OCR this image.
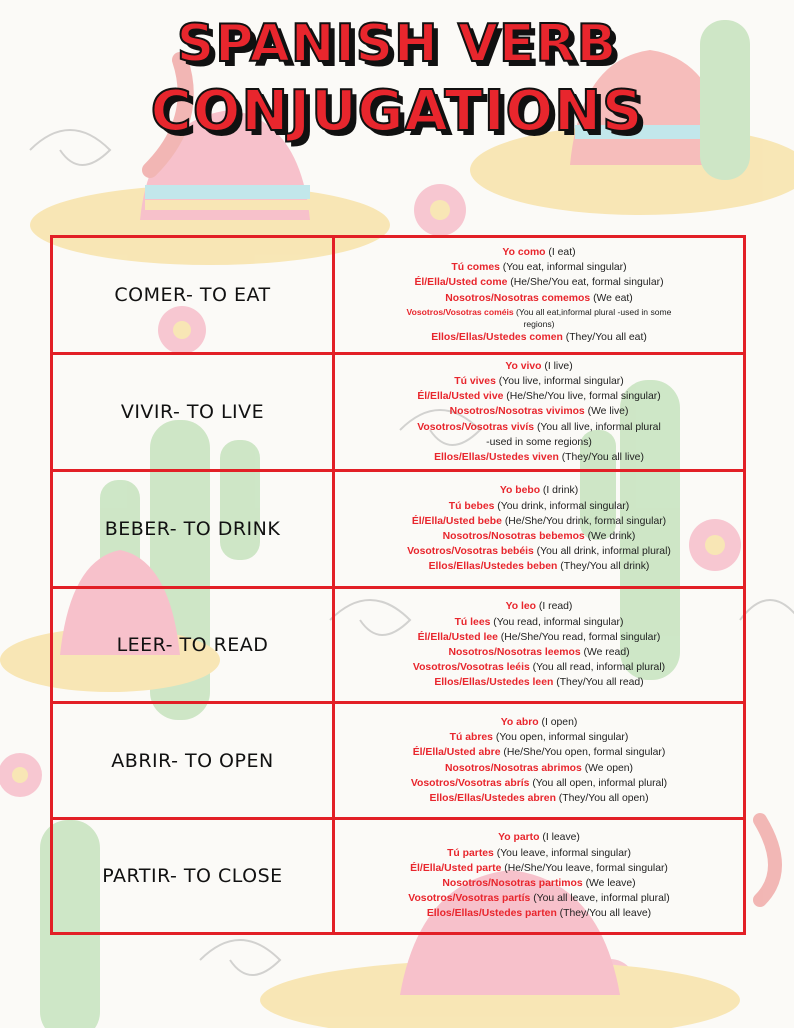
SPANISH VERB
CONJUGATIONS
COMER- TO EAT
Yo como (I eat)
Tú comes (You eat, informal singular)
Él/Ella/Usted come (He/She/You eat, formal singular)
Nosotros/Nosotras comemos (We eat)
Vosotros/Vosotras coméis (You all eat,informal plural -used in some
regions)
Ellos/Ellas/Ustedes comen (They/You all eat)
VIVIR- TO LIVE
Yo vivo (I live)
Tú vives (You live, informal singular)
Él/Ella/Usted vive (He/She/You live, formal singular)
Nosotros/Nosotras vivimos (We live)
Vosotros/Vosotras vivís (You all live, informal plural
-used in some regions)
Ellos/Ellas/Ustedes viven (They/You all live)
BEBER- TO DRINK
Yo bebo (I drink)
Tú bebes (You drink, informal singular)
Él/Ella/Usted bebe (He/She/You drink, formal singular)
Nosotros/Nosotras bebemos (We drink)
Vosotros/Vosotras bebéis (You all drink, informal plural)
Ellos/Ellas/Ustedes beben (They/You all drink)
LEER- TO READ
Yo leo (I read)
Tú lees (You read, informal singular)
Él/Ella/Usted lee (He/She/You read, formal singular)
Nosotros/Nosotras leemos (We read)
Vosotros/Vosotras leéis (You all read, informal plural)
Ellos/Ellas/Ustedes leen (They/You all read)
ABRIR- TO OPEN
Yo abro (I open)
Tú abres (You open, informal singular)
Él/Ella/Usted abre (He/She/You open, formal singular)
Nosotros/Nosotras abrimos (We open)
Vosotros/Vosotras abrís (You all open, informal plural)
Ellos/Ellas/Ustedes abren (They/You all open)
PARTIR- TO CLOSE
Yo parto (I leave)
Tú partes (You leave, informal singular)
Él/Ella/Usted parte (He/She/You leave, formal singular)
Nosotros/Nosotras partimos (We leave)
Vosotros/Vosotras partís (You all leave, informal plural)
Ellos/Ellas/Ustedes parten (They/You all leave)
